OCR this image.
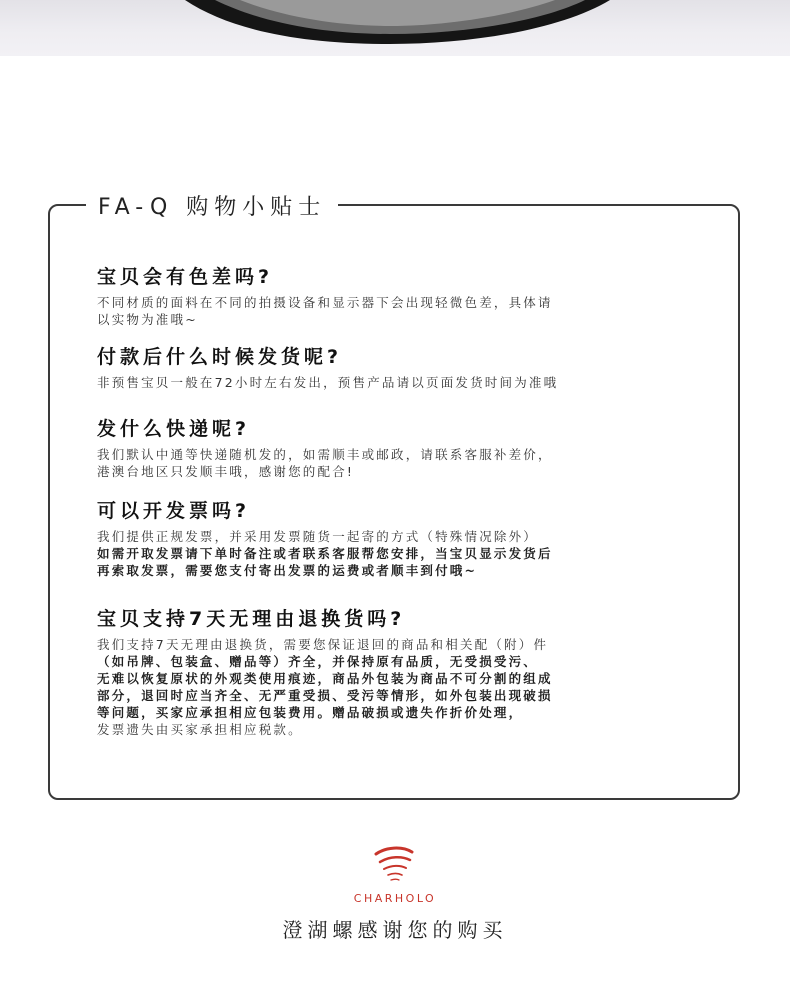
FA-Q 购物小贴士
宝贝会有色差吗?

不同材质的面料在不同的拍摄设备和显示器下会出现轻微色差，具体请

以实物为准哦~

付款后什么时候发货呢?

非预售宝贝一般在72小时左右发出，预售产品请以页面发货时间为准哦

发什么快递呢?

我们默认中通等快递随机发的，如需顺丰或邮政，请联系客服补差价，

港澳台地区只发顺丰哦，感谢您的配合!

可以开发票吗?

我们提供正规发票，并采用发票随货一起寄的方式（特殊情况除外）

如需开取发票请下单时备注或者联系客服帮您安排，当宝贝显示发货后

再索取发票，需要您支付寄出发票的运费或者顺丰到付哦~

宝贝支持7天无理由退换货吗?

我们支持7天无理由退换货，需要您保证退回的商品和相关配（附）件

（如吊牌、包装盒、赠品等）齐全，并保持原有品质，无受损受污、

无难以恢复原状的外观类使用痕迹，商品外包装为商品不可分割的组成

部分，退回时应当齐全、无严重受损、受污等情形，如外包装出现破损

等问题，买家应承担相应包装费用。赠品破损或遗失作折价处理，

发票遗失由买家承担相应税款。

CHARHOLO
澄湖螺感谢您的购买
